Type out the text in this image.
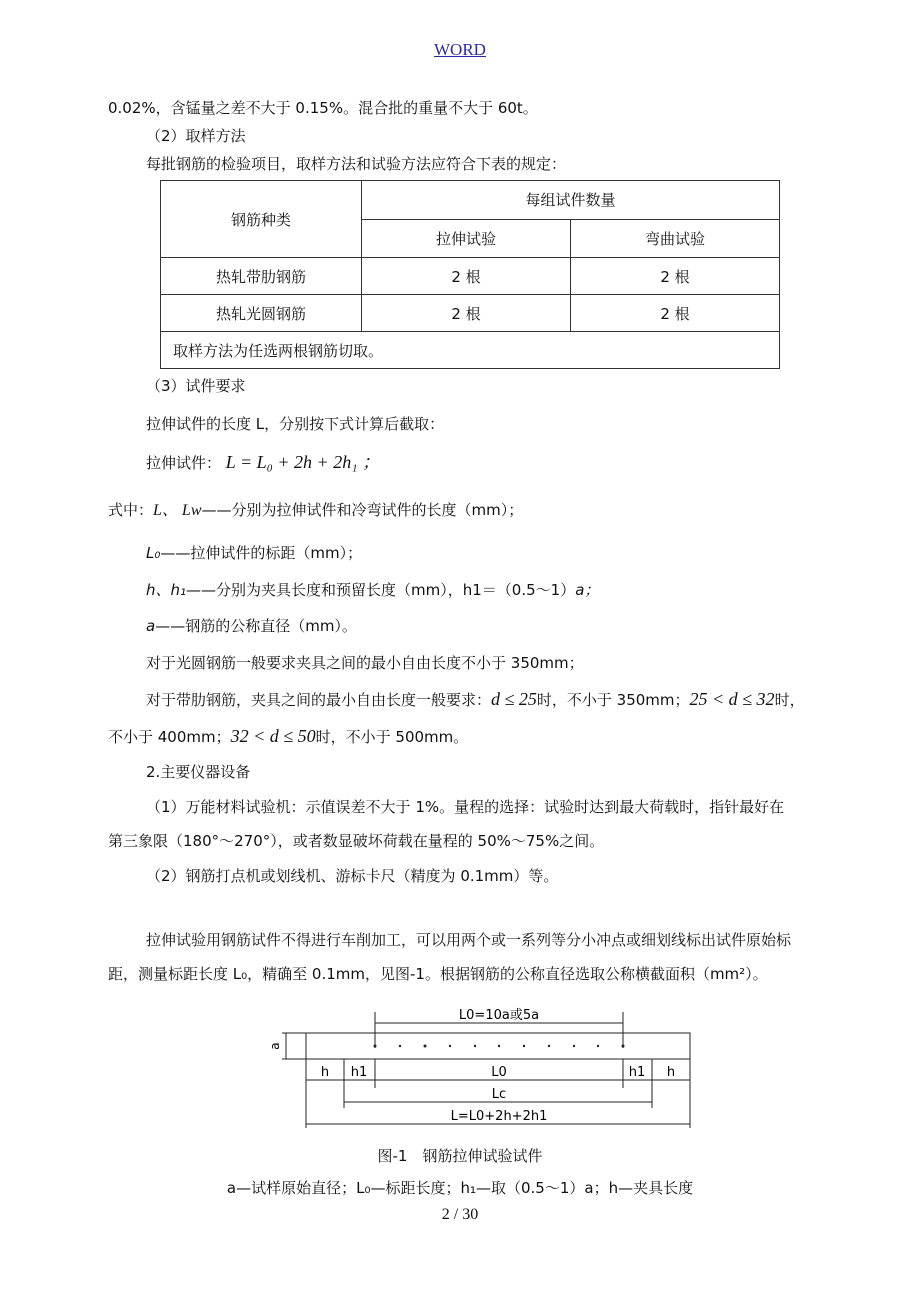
WORD
0.02%，含锰量之差不大于 0.15%。混合批的重量不大于 60t。
（2）取样方法
每批钢筋的检验项目，取样方法和试验方法应符合下表的规定：
钢筋种类	每组试件数量	
	拉伸试验	弯曲试验
热轧带肋钢筋	2 根	2 根
热轧光圆钢筋	2 根	2 根
取样方法为任选两根钢筋切取。		
（3）试件要求
拉伸试件的长度 L，分别按下式计算后截取：
拉伸试件： L = L₀ + 2h + 2h₁ ；
式中：L、 Lw——分别为拉伸试件和冷弯试件的长度（mm）；
L₀——拉伸试件的标距（mm）；
h、h₁——分别为夹具长度和预留长度（mm），h1＝（0.5～1）a；
a——钢筋的公称直径（mm）。
对于光圆钢筋一般要求夹具之间的最小自由长度不小于 350mm；
对于带肋钢筋，夹具之间的最小自由长度一般要求：d ≤ 25时，不小于 350mm；25 < d ≤ 32时，
不小于 400mm；32 < d ≤ 50时，不小于 500mm。
2.主要仪器设备
（1）万能材料试验机：示值误差不大于 1%。量程的选择：试验时达到最大荷载时，指针最好在
第三象限（180°～270°），或者数显破坏荷载在量程的 50%～75%之间。
（2）钢筋打点机或划线机、游标卡尺（精度为 0.1mm）等。
拉伸试验用钢筋试件不得进行车削加工，可以用两个或一系列等分小冲点或细划线标出试件原始标
距，测量标距长度 L₀，精确至 0.1mm，见图-1。根据钢筋的公称直径选取公称横截面积（mm²）。
L0=10a或5a
a
h h1	L0	h1 h
Lc
L=L0+2h+2h1
图-1　钢筋拉伸试验试件
a—试样原始直径；L₀—标距长度；h₁—取（0.5～1）a；h—夹具长度
2 / 30
